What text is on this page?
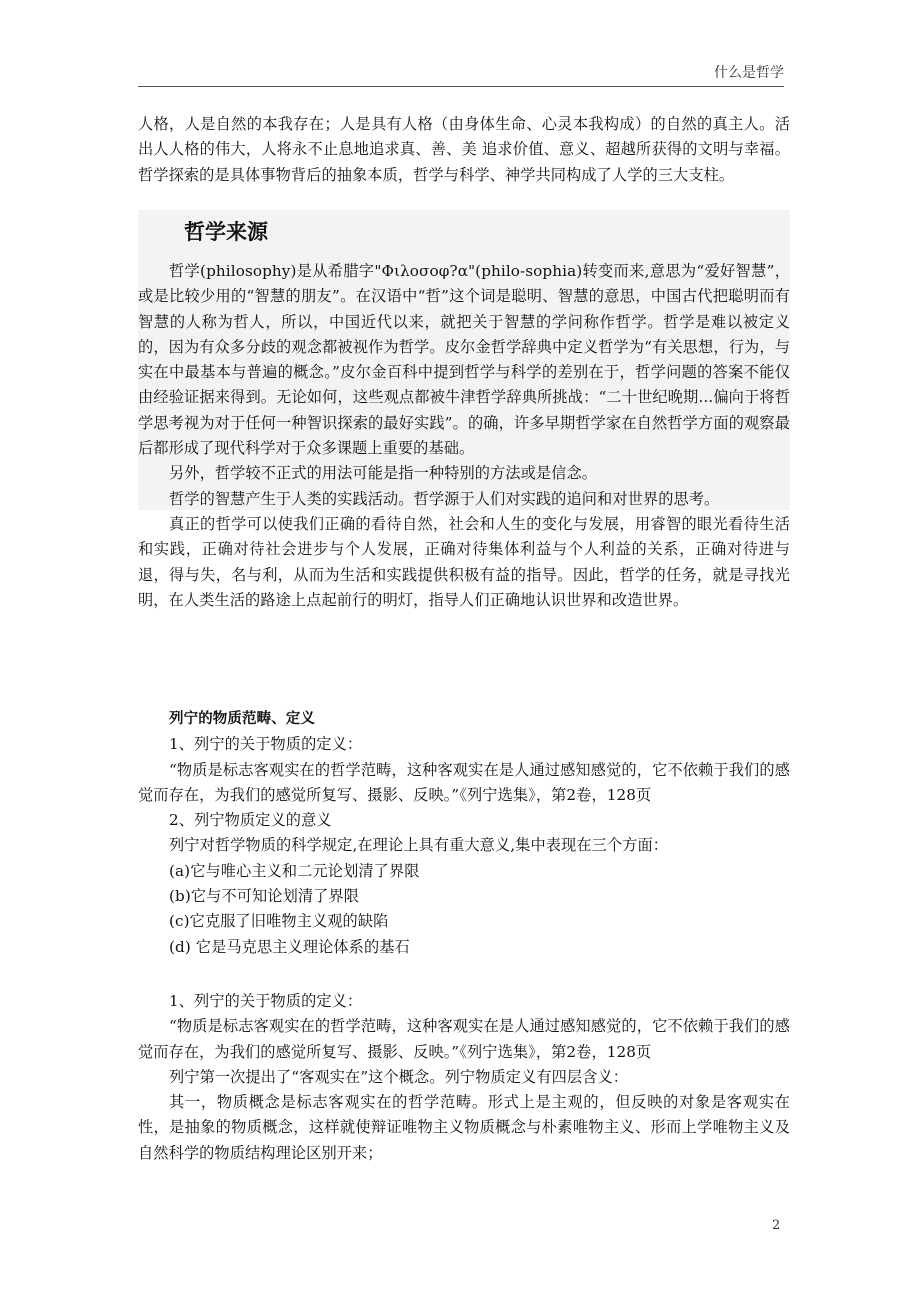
什么是哲学

人格，人是自然的本我存在；人是具有人格（由身体生命、心灵本我构成）的自然的真主人。活出人人格的伟大，人将永不止息地追求真、善、美 追求价值、意义、超越所获得的文明与幸福。哲学探索的是具体事物背后的抽象本质，哲学与科学、神学共同构成了人学的三大支柱。

哲学来源

哲学(philosophy)是从希腊字"Φιλοσοφ?α"(philo-sophia)转变而来,意思为“爱好智慧”，或是比较少用的“智慧的朋友”。在汉语中“哲”这个词是聪明、智慧的意思，中国古代把聪明而有智慧的人称为哲人，所以，中国近代以来，就把关于智慧的学问称作哲学。哲学是难以被定义的，因为有众多分歧的观念都被视作为哲学。皮尔金哲学辞典中定义哲学为“有关思想，行为，与实在中最基本与普遍的概念。”皮尔金百科中提到哲学与科学的差别在于，哲学问题的答案不能仅由经验证据来得到。无论如何，这些观点都被牛津哲学辞典所挑战：“二十世纪晚期...偏向于将哲学思考视为对于任何一种智识探索的最好实践”。的确，许多早期哲学家在自然哲学方面的观察最后都形成了现代科学对于众多课题上重要的基础。

另外，哲学较不正式的用法可能是指一种特别的方法或是信念。

哲学的智慧产生于人类的实践活动。哲学源于人们对实践的追问和对世界的思考。

真正的哲学可以使我们正确的看待自然，社会和人生的变化与发展，用睿智的眼光看待生活和实践，正确对待社会进步与个人发展，正确对待集体利益与个人利益的关系，正确对待进与退，得与失，名与利，从而为生活和实践提供积极有益的指导。因此，哲学的任务，就是寻找光明，在人类生活的路途上点起前行的明灯，指导人们正确地认识世界和改造世界。

列宁的物质范畴、定义

1、列宁的关于物质的定义：

“物质是标志客观实在的哲学范畴，这种客观实在是人通过感知感觉的，它不依赖于我们的感觉而存在，为我们的感觉所复写、摄影、反映。”《列宁选集》，第2卷，128页

2、列宁物质定义的意义

列宁对哲学物质的科学规定,在理论上具有重大意义,集中表现在三个方面：

(a)它与唯心主义和二元论划清了界限

(b)它与不可知论划清了界限

(c)它克服了旧唯物主义观的缺陷

(d) 它是马克思主义理论体系的基石

1、列宁的关于物质的定义：

“物质是标志客观实在的哲学范畴，这种客观实在是人通过感知感觉的，它不依赖于我们的感觉而存在，为我们的感觉所复写、摄影、反映。”《列宁选集》，第2卷，128页

列宁第一次提出了“客观实在”这个概念。列宁物质定义有四层含义：

其一，物质概念是标志客观实在的哲学范畴。形式上是主观的，但反映的对象是客观实在性，是抽象的物质概念，这样就使辩证唯物主义物质概念与朴素唯物主义、形而上学唯物主义及自然科学的物质结构理论区别开来；

2
